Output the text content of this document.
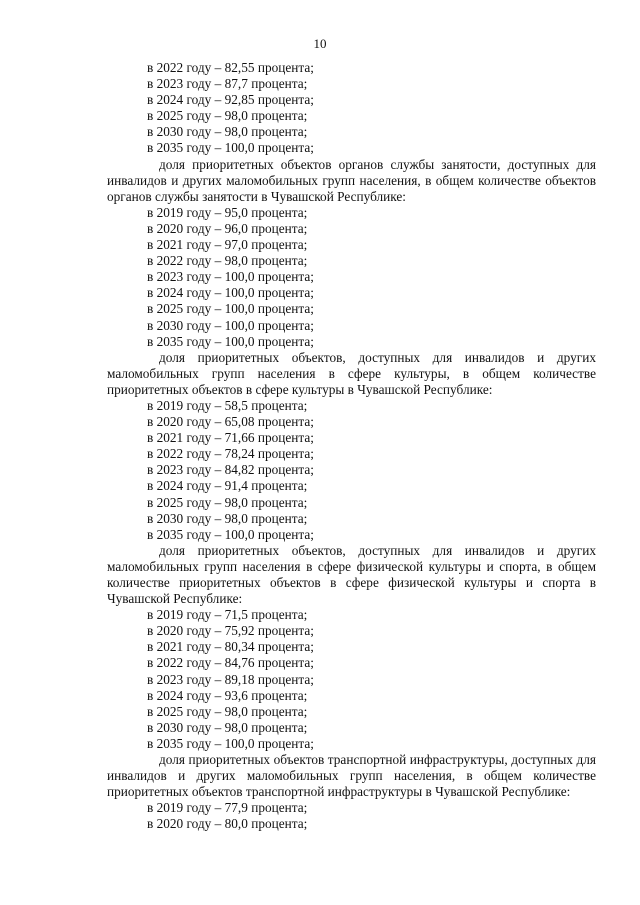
10
в 2022 году – 82,55 процента;
в 2023 году – 87,7 процента;
в 2024 году – 92,85 процента;
в 2025 году – 98,0 процента;
в 2030 году – 98,0 процента;
в 2035 году – 100,0 процента;
доля приоритетных объектов органов службы занятости, доступных для инвалидов и других маломобильных групп населения, в общем количестве объектов органов службы занятости в Чувашской Республике:
в 2019 году – 95,0 процента;
в 2020 году – 96,0 процента;
в 2021 году – 97,0 процента;
в 2022 году – 98,0 процента;
в 2023 году – 100,0 процента;
в 2024 году – 100,0 процента;
в 2025 году – 100,0 процента;
в 2030 году – 100,0 процента;
в 2035 году – 100,0 процента;
доля приоритетных объектов, доступных для инвалидов и других маломобильных групп населения в сфере культуры, в общем количестве приоритетных объектов в сфере культуры в Чувашской Республике:
в 2019 году – 58,5 процента;
в 2020 году – 65,08 процента;
в 2021 году – 71,66 процента;
в 2022 году – 78,24 процента;
в 2023 году – 84,82 процента;
в 2024 году – 91,4 процента;
в 2025 году – 98,0 процента;
в 2030 году – 98,0 процента;
в 2035 году – 100,0 процента;
доля приоритетных объектов, доступных для инвалидов и других маломобильных групп населения в сфере физической культуры и спорта, в общем количестве приоритетных объектов в сфере физической культуры и спорта в Чувашской Республике:
в 2019 году – 71,5 процента;
в 2020 году – 75,92 процента;
в 2021 году – 80,34 процента;
в 2022 году – 84,76 процента;
в 2023 году – 89,18 процента;
в 2024 году – 93,6 процента;
в 2025 году – 98,0 процента;
в 2030 году – 98,0 процента;
в 2035 году – 100,0 процента;
доля приоритетных объектов транспортной инфраструктуры, доступных для инвалидов и других маломобильных групп населения, в общем количестве приоритетных объектов транспортной инфраструктуры в Чувашской Республике:
в 2019 году – 77,9 процента;
в 2020 году – 80,0 процента;
